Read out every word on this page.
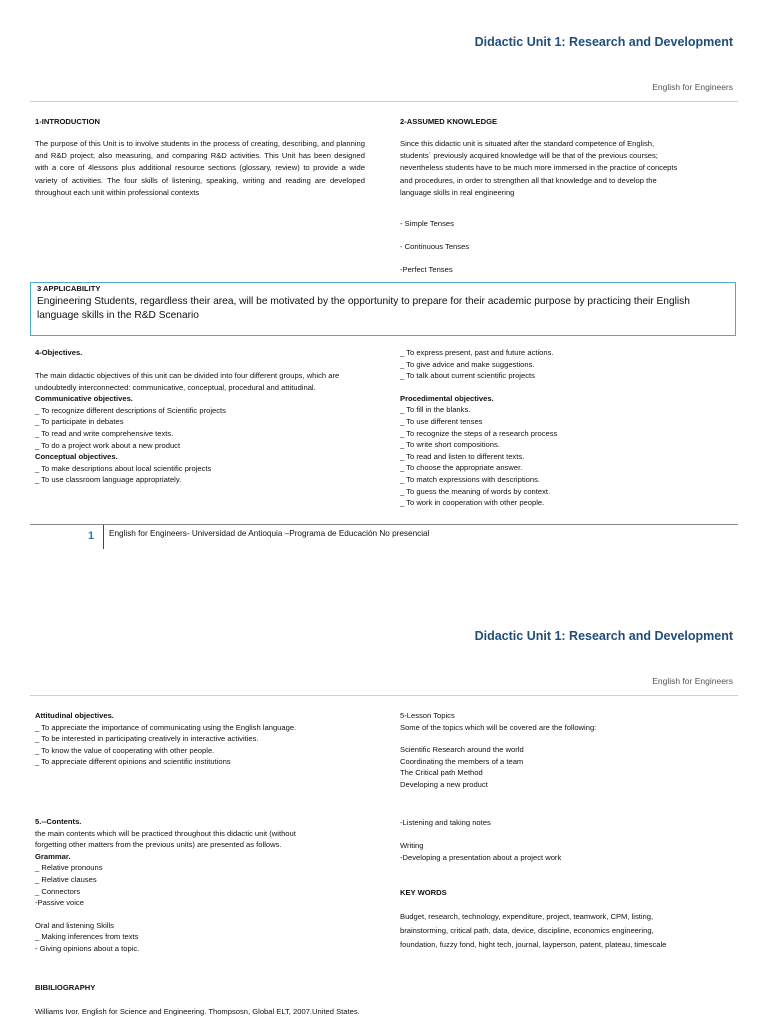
Didactic Unit 1: Research and Development
English for Engineers
1-INTRODUCTION
The purpose of this Unit is to involve students in the process of creating, describing, and planning and R&D project; also measuring, and comparing R&D activities. This Unit has been designed with a core of 4lessons plus additional resource sections (glossary, review) to provide a wide variety of activities. The four skills of listening, speaking, writing and reading are developed throughout each unit within professional contexts
2-ASSUMED KNOWLEDGE
Since this didactic unit is situated after the standard competence of English,
students´ previously acquired knowledge will be that of the previous courses;
nevertheless students have to be much more immersed in the practice of concepts
and procedures, in order to strengthen all that knowledge and to develop the
language skills in real engineering
- Simple Tenses
- Continuous Tenses
-Perfect Tenses
3 APPLICABILITY
Engineering Students, regardless their area, will be motivated by the opportunity to prepare for their academic purpose by practicing their English language skills in the R&D Scenario
4-Objectives.
The main didactic objectives of this unit can be divided into four different groups, which are
undoubtedly interconnected: communicative, conceptual, procedural and attitudinal.
Communicative objectives.
_ To recognize different descriptions of Scientific projects
_ To participate in debates
_ To read and write comprehensive texts.
_ To do a project work about a new product
Conceptual objectives.
_ To make descriptions about local scientific projects
_ To use classroom language appropriately.
_ To express present, past and future actions.
_ To give advice and make suggestions.
_ To talk about current scientific projects
Procedimental objectives.
_ To fill in the blanks.
_ To use different tenses
_ To recognize the steps of a research process
_ To write short compositions.
_ To read and listen to different texts.
_ To choose the appropriate answer.
_ To match expressions with descriptions.
_ To guess the meaning of words by context.
_ To work in cooperation with other people.
1 English for Engineers- Universidad de Antioquia –Programa de Educación No presencial
Didactic Unit 1: Research and Development
English for Engineers
Attitudinal objectives.
_ To appreciate the importance of communicating using the English language.
_ To be interested in participating creatively in interactive activities.
_ To know the value of cooperating with other people.
_ To appreciate different opinions and scientific institutions
5.--Contents.
the main contents which will be practiced throughout this didactic unit (without
forgetting other matters from the previous units) are presented as follows.
Grammar.
_ Relative pronouns
_ Relative clauses
_ Connectors
-Passive voice
Oral and listening Skills
_ Making inferences from texts
- Giving opinions about a topic.
5-Lesson Topics
Some of the topics which will be covered are the following:
Scientific Research around the world
Coordinating the members of a team
The Critical path Method
Developing a new product
-Listening and taking notes
Writing
-Developing a presentation about a project work
KEY WORDS
Budget, research, technology, expenditure, project, teamwork, CPM, listing,
brainstorming, critical path, data, device, discipline, economics engineering,
foundation, fuzzy fond, hight tech, journal, layperson, patent, plateau, timescale
BIBILIOGRAPHY
Williams Ivor. English for Science and Engineering. Thompsosn, Global ELT, 2007.United States.
